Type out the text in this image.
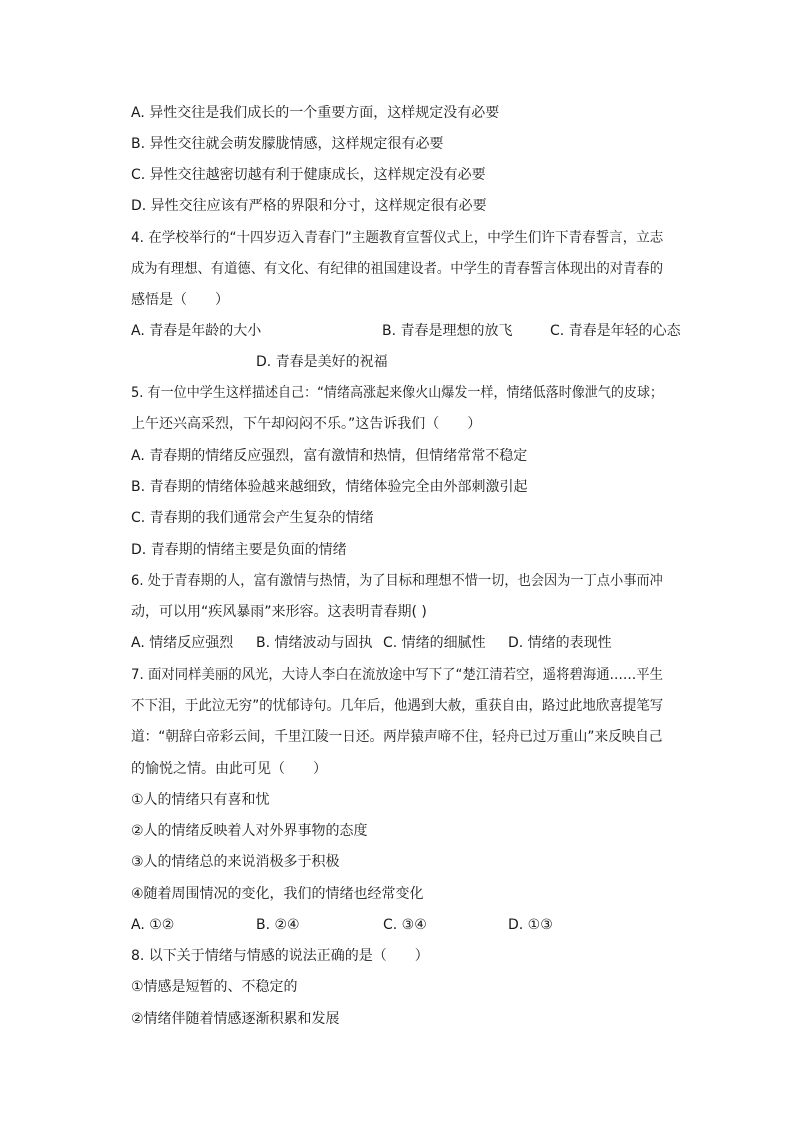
A. 异性交往是我们成长的一个重要方面，这样规定没有必要
B. 异性交往就会萌发朦胧情感，这样规定很有必要
C. 异性交往越密切越有利于健康成长，这样规定没有必要
D. 异性交往应该有严格的界限和分寸，这样规定很有必要
4. 在学校举行的“十四岁迈入青春门”主题教育宣誓仪式上，中学生们许下青春誓言，立志
成为有理想、有道德、有文化、有纪律的祖国建设者。中学生的青春誓言体现出的对青春的
感悟是（　　）
A. 青春是年龄的大小	B. 青春是理想的放飞	C. 青春是年轻的心态
D. 青春是美好的祝福
5. 有一位中学生这样描述自己：“情绪高涨起来像火山爆发一样，情绪低落时像泄气的皮球；
上午还兴高采烈，下午却闷闷不乐。”这告诉我们（　　）
A. 青春期的情绪反应强烈，富有激情和热情，但情绪常常不稳定
B. 青春期的情绪体验越来越细致，情绪体验完全由外部刺激引起
C. 青春期的我们通常会产生复杂的情绪
D. 青春期的情绪主要是负面的情绪
6. 处于青春期的人，富有激情与热情，为了目标和理想不惜一切，也会因为一丁点小事而冲
动，可以用“疾风暴雨”来形容。这表明青春期( )
A. 情绪反应强烈 B. 情绪波动与固执 C. 情绪的细腻性 D. 情绪的表现性
7. 面对同样美丽的风光，大诗人李白在流放途中写下了“楚江清若空，遥将碧海通……平生
不下泪，于此泣无穷”的忧郁诗句。几年后，他遇到大赦，重获自由，路过此地欣喜提笔写
道：“朝辞白帝彩云间，千里江陵一日还。两岸猿声啼不住，轻舟已过万重山”来反映自己
的愉悦之情。由此可见（　　）
①人的情绪只有喜和忧
②人的情绪反映着人对外界事物的态度
③人的情绪总的来说消极多于积极
④随着周围情况的变化，我们的情绪也经常变化
A. ①②	B. ②④	C. ③④	D. ①③
8. 以下关于情绪与情感的说法正确的是（　　）
①情感是短暂的、不稳定的
②情绪伴随着情感逐渐积累和发展
